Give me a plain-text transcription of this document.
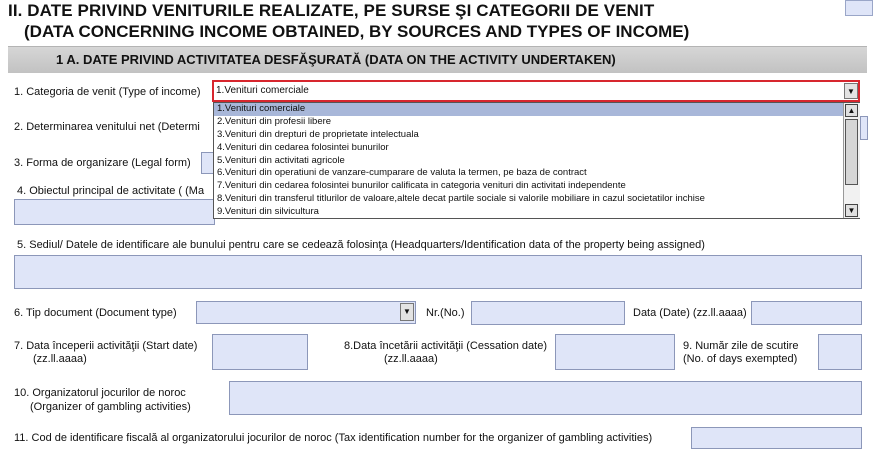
II. DATE PRIVIND VENITURILE REALIZATE, PE SURSE ŞI CATEGORII DE VENIT
(DATA CONCERNING INCOME OBTAINED, BY SOURCES AND TYPES OF INCOME)
1 A. DATE PRIVIND ACTIVITATEA DESFĂŞURATĂ (DATA ON THE ACTIVITY UNDERTAKEN)
1. Categoria de venit (Type of income) 1.Venituri comerciale	▼
2. Determinarea venitului net (Determi
3. Forma de organizare (Legal form)
4. Obiectul principal de activitate ( (Ma
1.Venituri comerciale
2.Venituri din profesii libere
3.Venituri din drepturi de proprietate intelectuala
4.Venituri din cedarea folosintei bunurilor
5.Venituri din activitati agricole
6.Venituri din operatiuni de vanzare-cumparare de valuta la termen, pe baza de contract
7.Venituri din cedarea folosintei bunurilor calificata in categoria venituri din activitati independente
8.Venituri din transferul titlurilor de valoare,altele decat partile sociale si valorile mobiliare in cazul societatilor inchise
9.Venituri din silvicultura
▲
▼
5. Sediul/ Datele de identificare ale bunului pentru care se cedează folosinţa (Headquarters/Identification data of the property being assigned)
6. Tip document (Document type)	▼ Nr.(No.)	Data (Date) (zz.ll.aaaa)
7. Data începerii activităţii (Start date)
(zz.ll.aaaa)
8.Data încetării activităţii (Cessation date)
(zz.ll.aaaa)
9. Număr zile de scutire
(No. of days exempted)
10. Organizatorul jocurilor de noroc
(Organizer of gambling activities)
11. Cod de identificare fiscală al organizatorului jocurilor de noroc (Tax identification number for the organizer of gambling activities)
